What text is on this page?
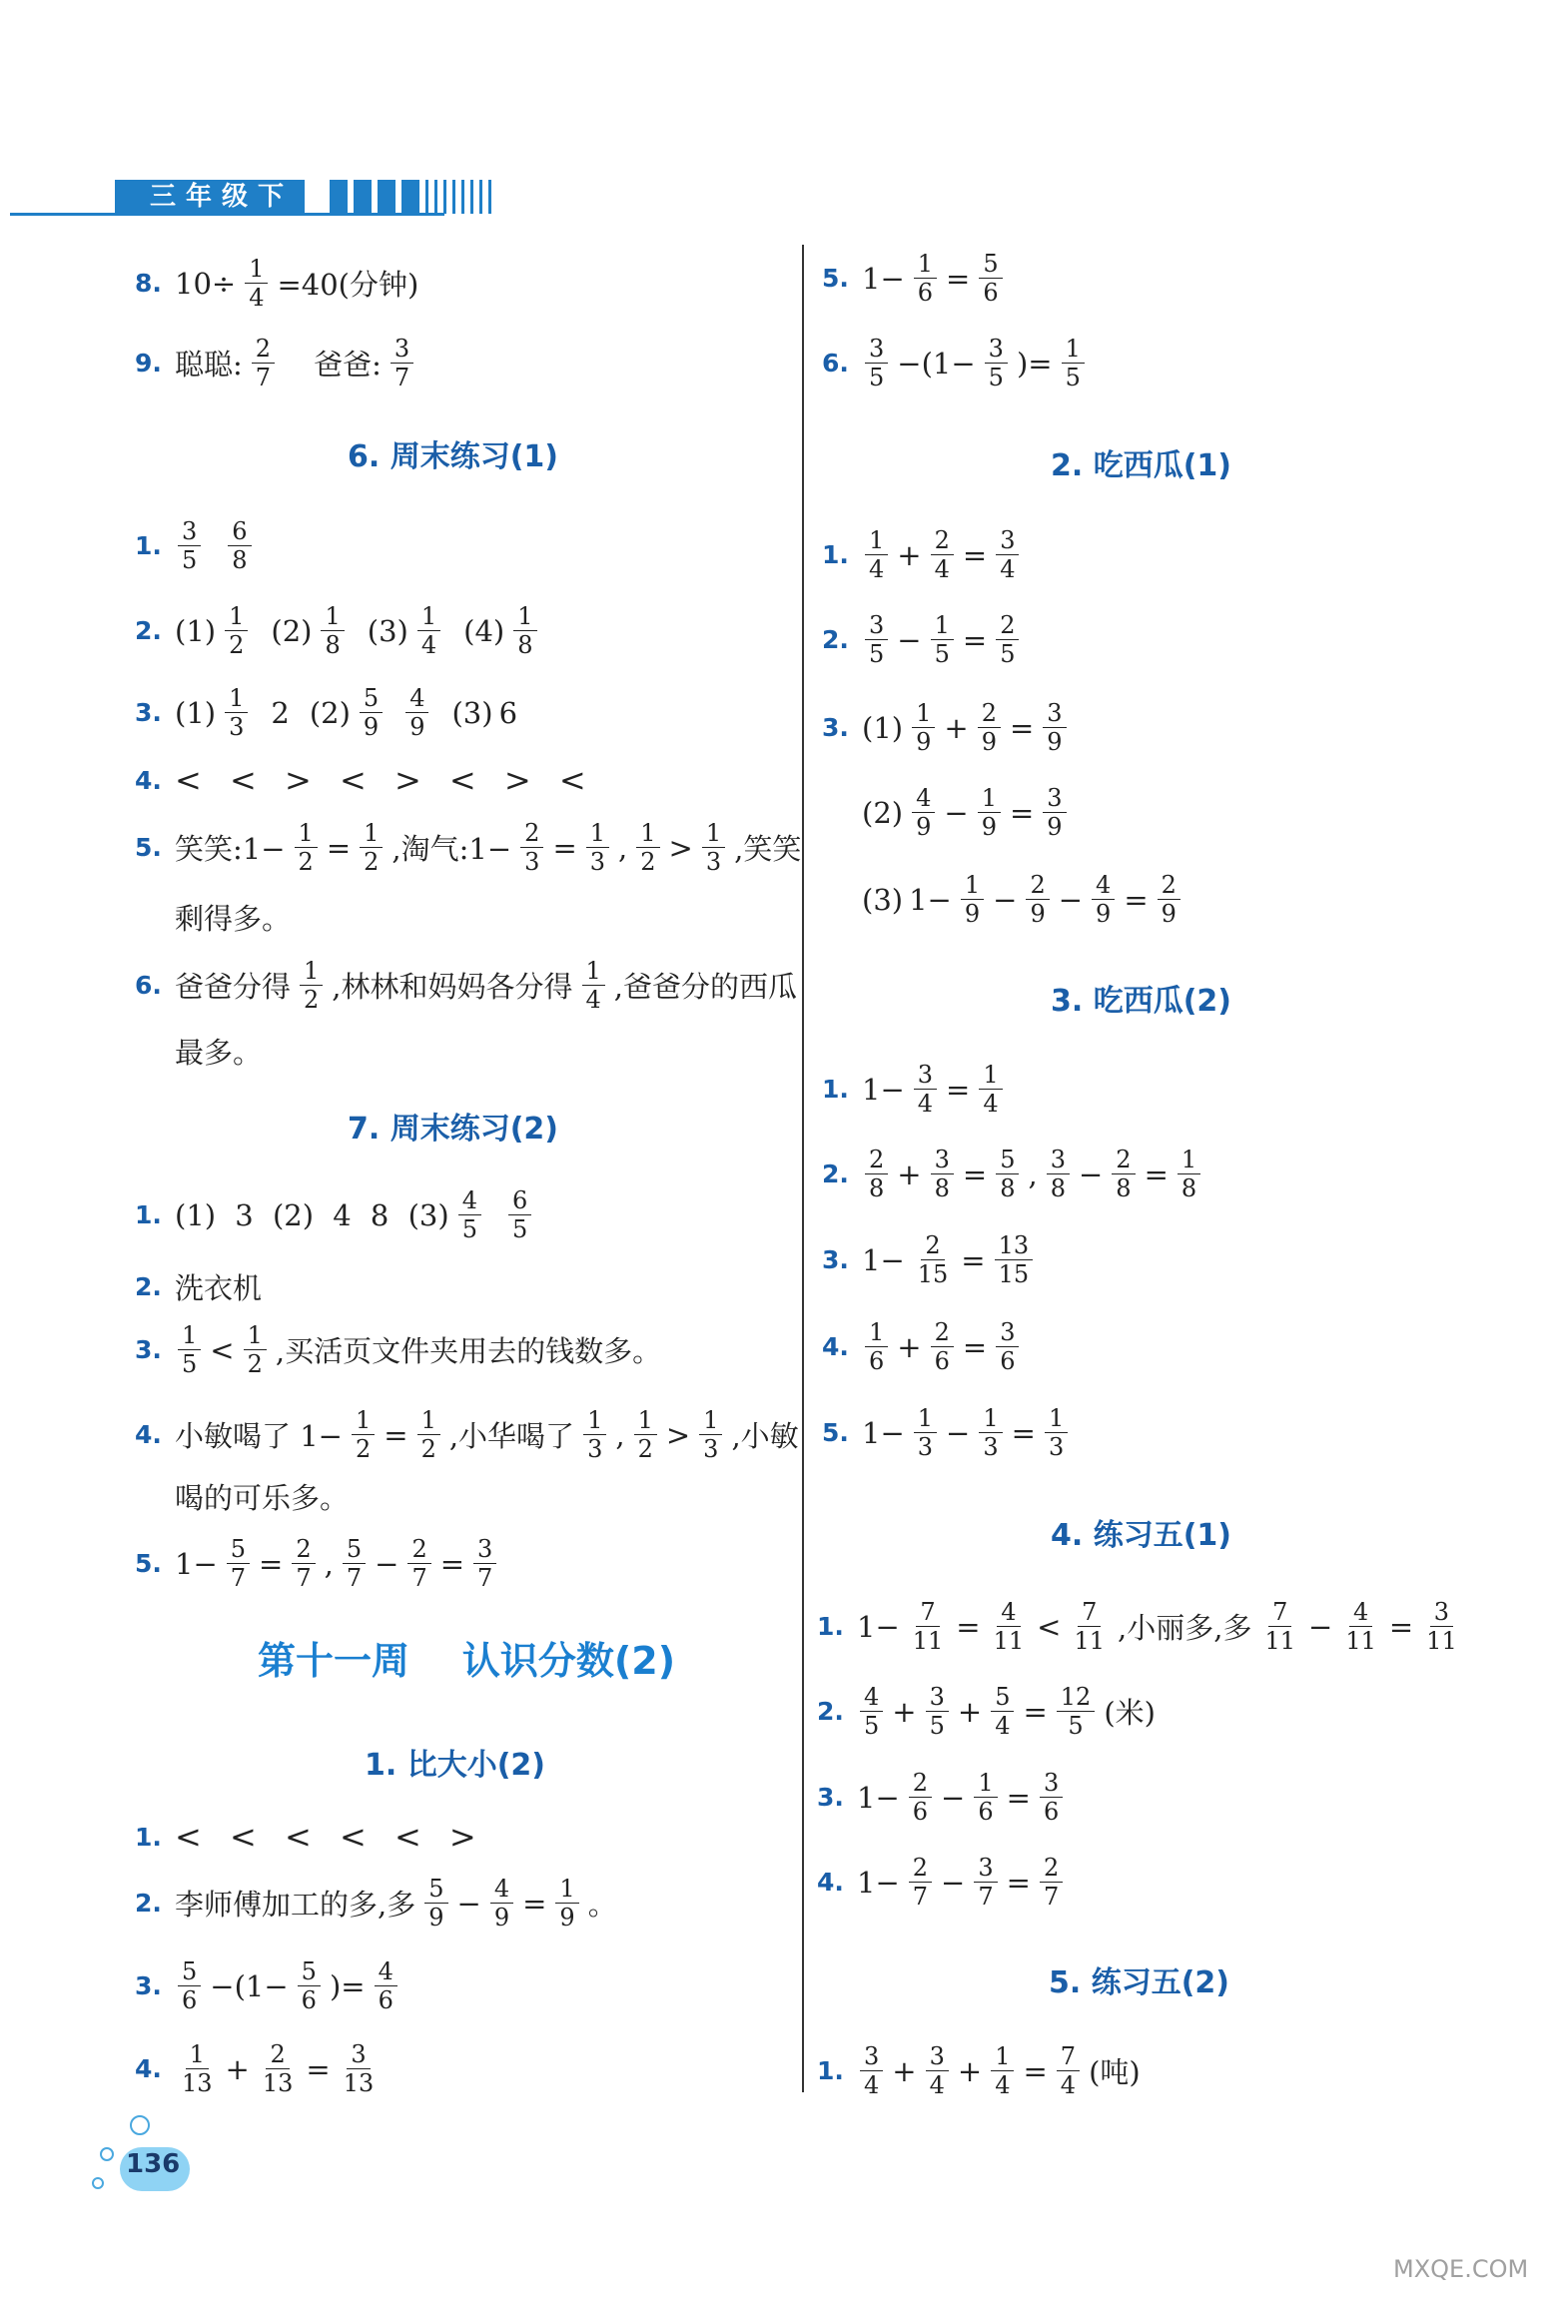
三年级下
8. $10\div \frac{1}{4} =40$(分钟)
9. 聪聪: $\frac{2}{7}$ 爸爸: $\frac{3}{7}$
6. 周末练习(1)
1. $\frac{3}{5} \frac{6}{8}$
2. $(1) \frac{1}{2} (2) \frac{1}{8} (3) \frac{1}{4} (4) \frac{1}{8}$
3. $(1) \frac{1}{3} 2$ $(2) \frac{5}{9} \frac{4}{9} (3)$ 6
4. < < > < > < > <
5. 笑笑:1− $\frac{1}{2} = \frac{1}{2}$ ,淘气:1− $\frac{2}{3} = \frac{1}{3}$ , $\frac{1}{2} > \frac{1}{3}$ ,笑笑
剩得多。
6. 爸爸分得 $\frac{1}{2}$ ,林林和妈妈各分得 $\frac{1}{4}$ ,爸爸分的西瓜
最多。
7. 周末练习(2)
1. (1) 3 (2) 4 8 $(3) \frac{4}{5} \frac{6}{5}$
2. 洗衣机
3. $\frac{1}{5} < \frac{1}{2}$ ,买活页文件夹用去的钱数多。
4. 小敏喝了 $1- \frac{1}{2} = \frac{1}{2}$ ,小华喝了 $\frac{1}{3}$ , $\frac{1}{2} > \frac{1}{3}$ ,小敏
喝的可乐多。
5. $1- \frac{5}{7} = \frac{2}{7}$ , $\frac{5}{7} - \frac{2}{7} = \frac{3}{7}$
第十一周    认识分数(2)
1. 比大小(2)
1. < < < < < >
2. 李师傅加工的多,多 $\frac{5}{9} - \frac{4}{9} = \frac{1}{9}$ 。
3. $\frac{5}{6} -(1- \frac{5}{6}$ )= $\frac{4}{6}$
4. $\frac{1}{13} + \frac{2}{13} = \frac{3}{13}$
5. $1- \frac{1}{6} = \frac{5}{6}$
6. $\frac{3}{5} -(1- \frac{3}{5}$ )= $\frac{1}{5}$
2. 吃西瓜(1)
1. $\frac{1}{4} + \frac{2}{4} = \frac{3}{4}$
2. $\frac{3}{5} - \frac{1}{5} = \frac{2}{5}$
3. $(1) \frac{1}{9} + \frac{2}{9} = \frac{3}{9}$
$(2) \frac{4}{9} - \frac{1}{9} = \frac{3}{9}$
(3) $1- \frac{1}{9} - \frac{2}{9} - \frac{4}{9} = \frac{2}{9}$
3. 吃西瓜(2)
1. $1- \frac{3}{4} = \frac{1}{4}$
2. $\frac{2}{8} + \frac{3}{8} = \frac{5}{8}$ , $\frac{3}{8} - \frac{2}{8} = \frac{1}{8}$
3. $1- \frac{2}{15} = \frac{13}{15}$
4. $\frac{1}{6} + \frac{2}{6} = \frac{3}{6}$
5. $1- \frac{1}{3} - \frac{1}{3} = \frac{1}{3}$
4. 练习五(1)
1. $1- \frac{7}{11} = \frac{4}{11} < \frac{7}{11}$ ,小丽多,多 $\frac{7}{11} - \frac{4}{11} = \frac{3}{11}$
2. $\frac{4}{5} + \frac{3}{5} + \frac{5}{4} = \frac{12}{5}$ (米)
3. $1- \frac{2}{6} - \frac{1}{6} = \frac{3}{6}$
4. $1- \frac{2}{7} - \frac{3}{7} = \frac{2}{7}$
5. 练习五(2)
1. $\frac{3}{4} + \frac{3}{4} + \frac{1}{4} = \frac{7}{4}$ (吨)
136
MXQE.COM
